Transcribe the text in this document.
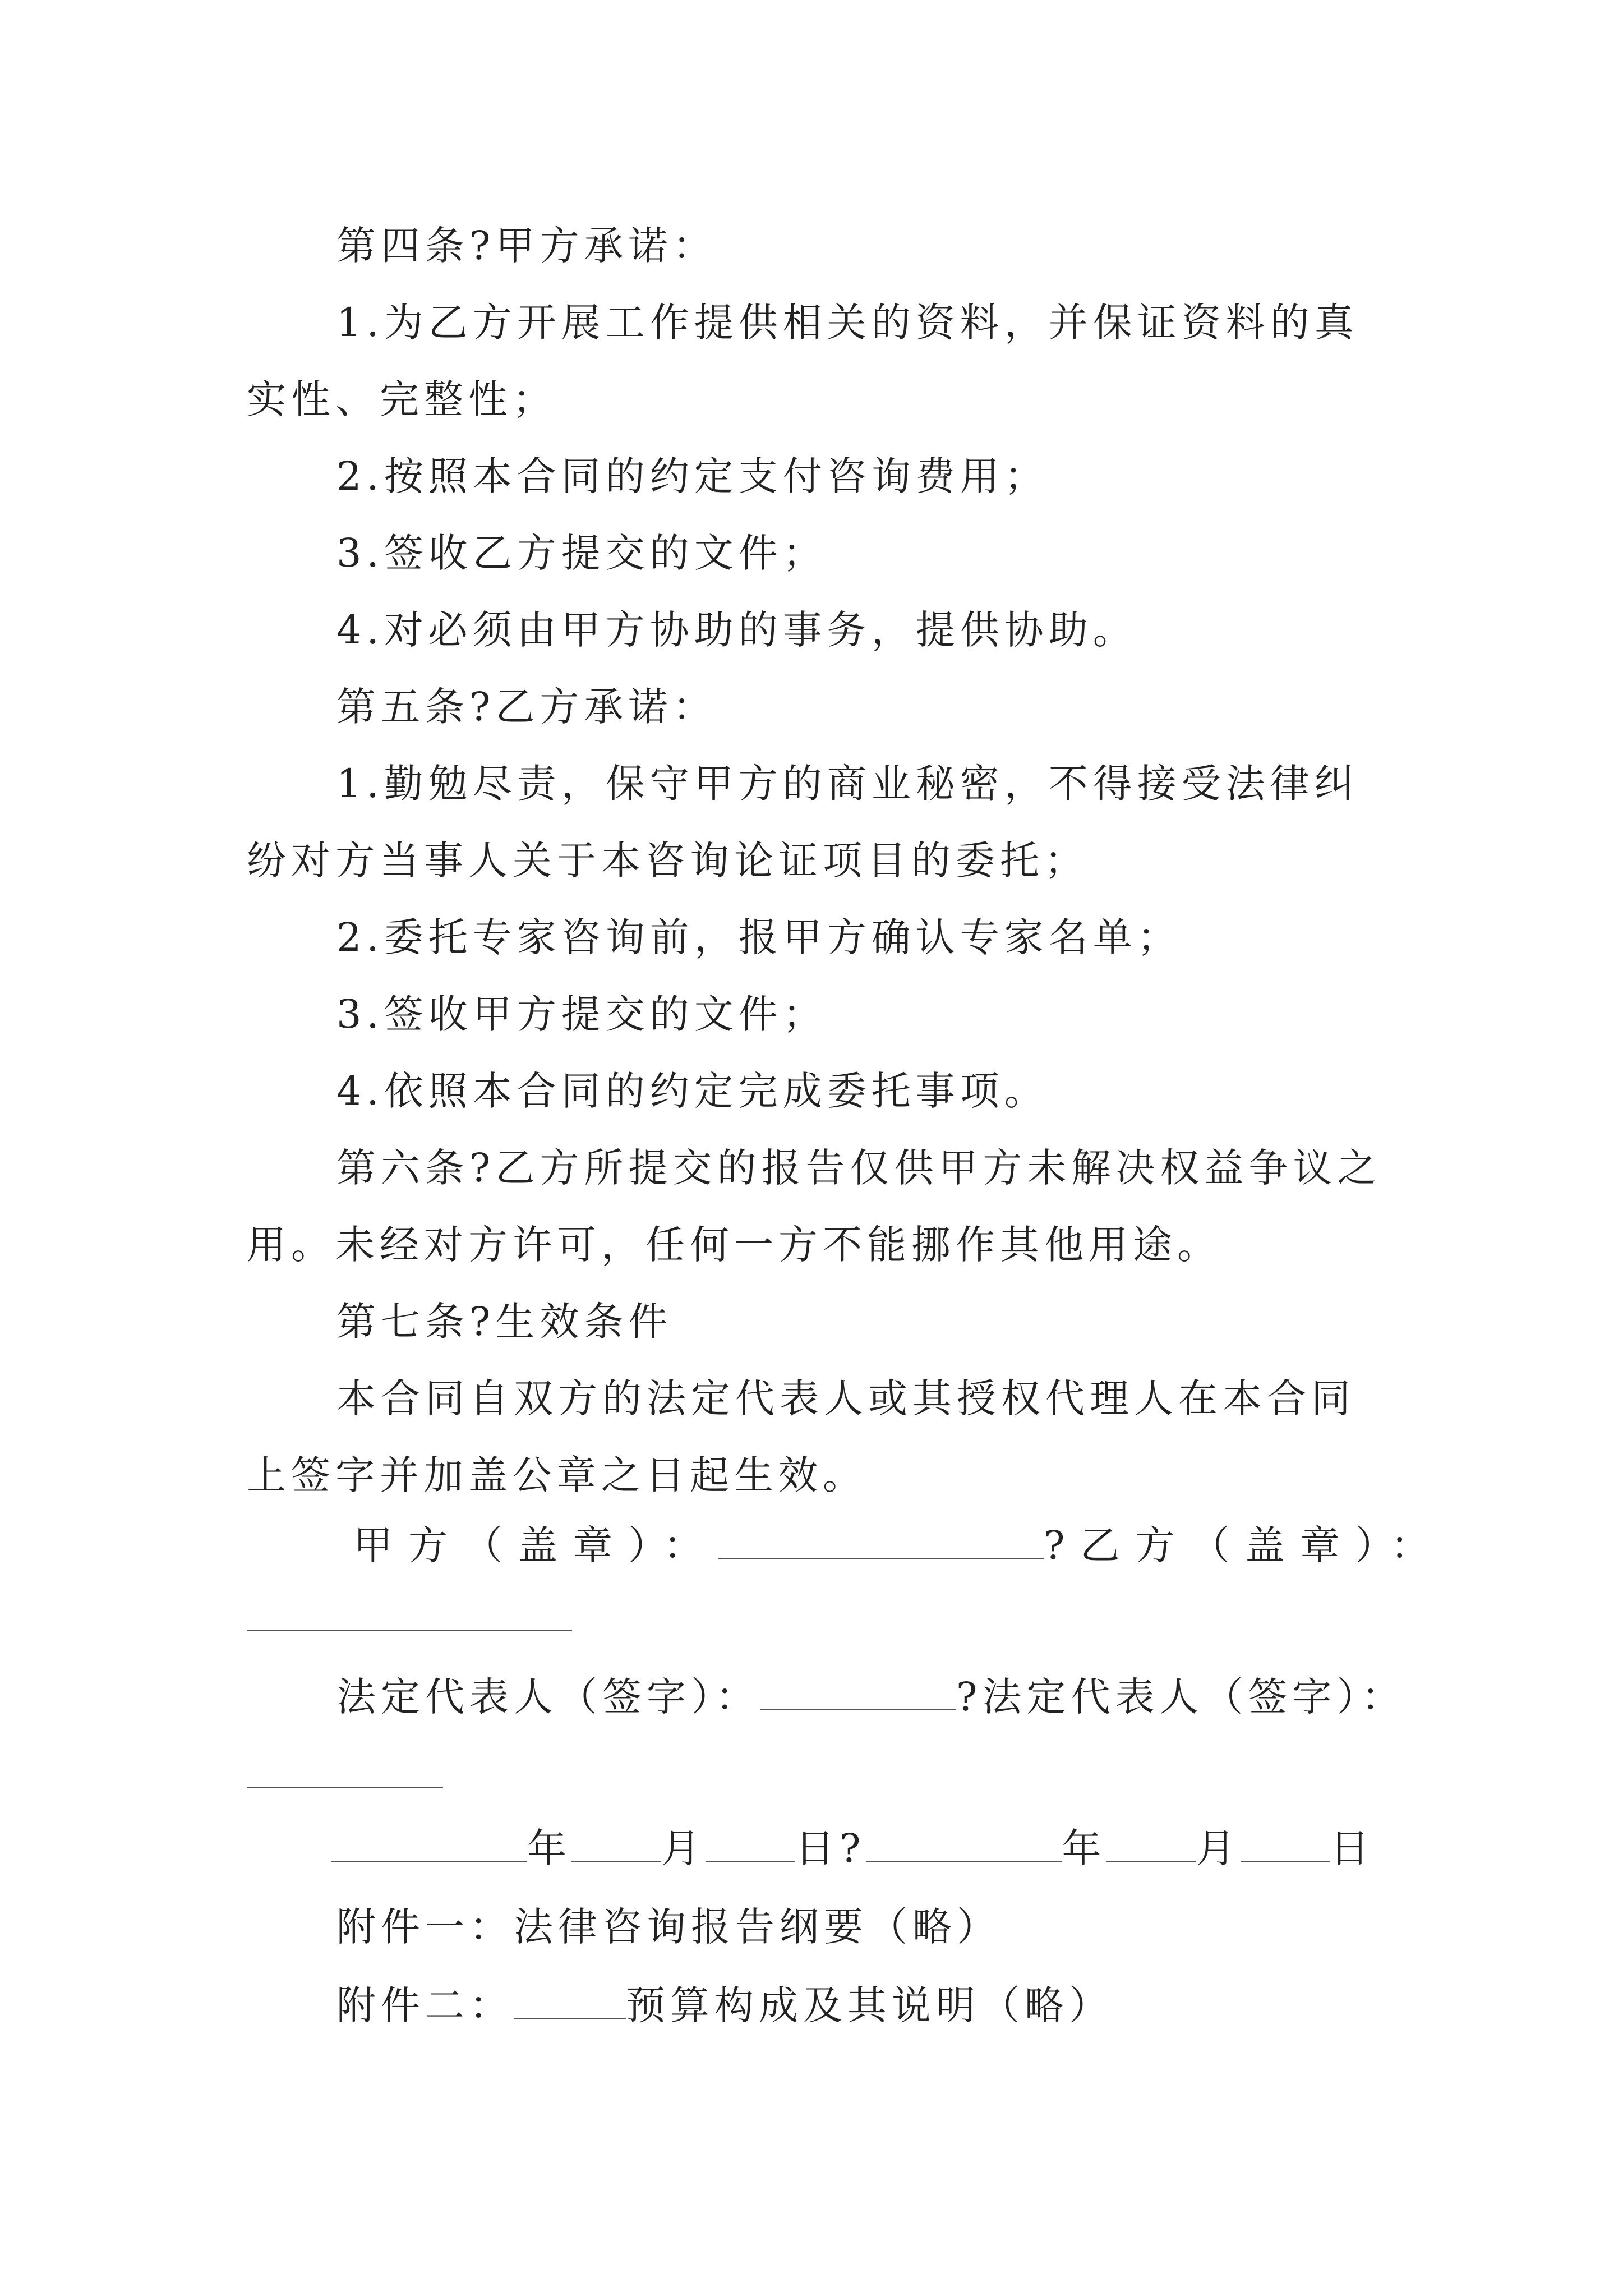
第四条?甲方承诺：

1.为乙方开展工作提供相关的资料，并保证资料的真实性、完整性；

2.按照本合同的约定支付咨询费用；

3.签收乙方提交的文件；

4.对必须由甲方协助的事务，提供协助。

第五条?乙方承诺：

1.勤勉尽责，保守甲方的商业秘密，不得接受法律纠纷对方当事人关于本咨询论证项目的委托；

2.委托专家咨询前，报甲方确认专家名单；

3.签收甲方提交的文件；

4.依照本合同的约定完成委托事项。

第六条?乙方所提交的报告仅供甲方未解决权益争议之用。未经对方许可，任何一方不能挪作其他用途。

第七条?生效条件

本合同自双方的法定代表人或其授权代理人在本合同上签字并加盖公章之日起生效。

甲方（盖章）：	?乙方（盖章）：
法定代表人（签字）：	?法定代表人（签字）：
年 月 日?	年 月 日
附件一：法律咨询报告纲要（略）
附件二：	预算构成及其说明（略）
